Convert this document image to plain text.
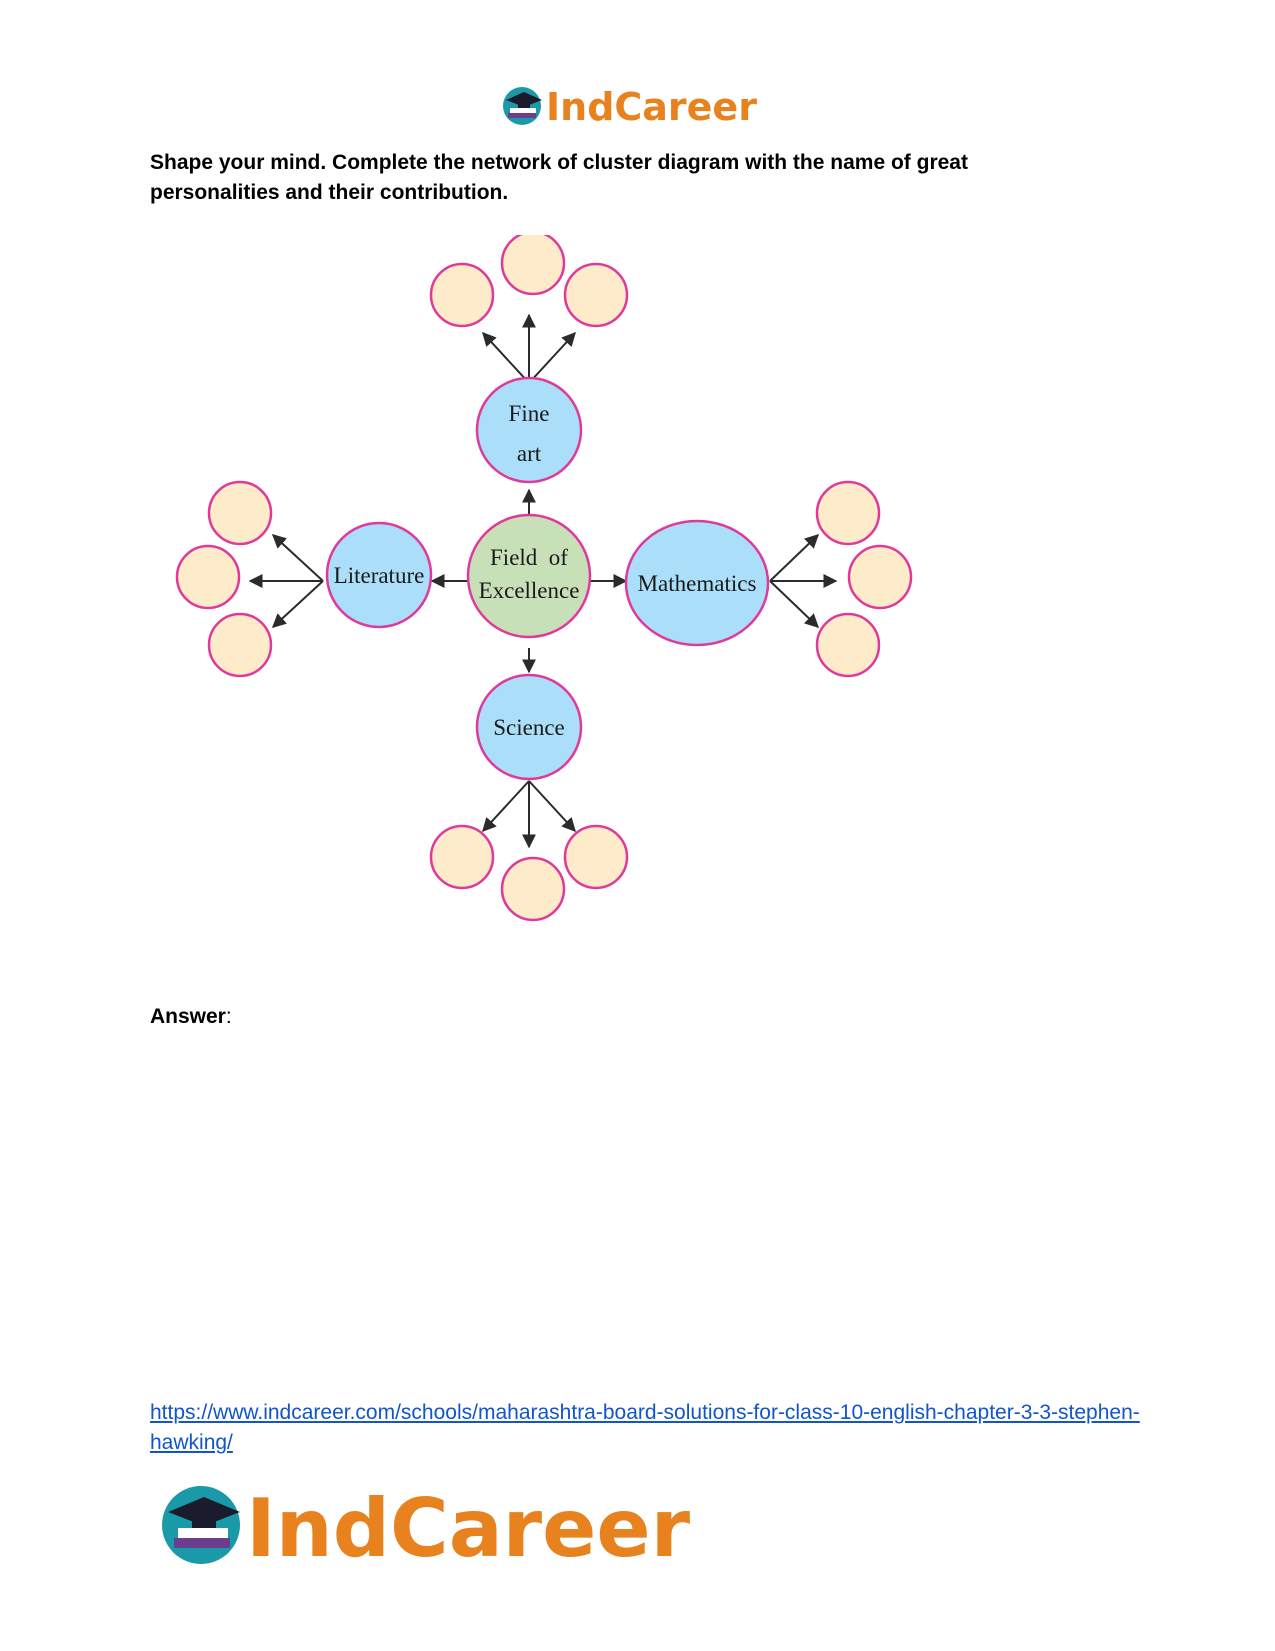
IndCareer

Shape your mind. Complete the network of cluster diagram with the name of great personalities and their contribution.

Fine
art
Literature
Field  of
Excellence	Mathematics
Science

Answer:

https://www.indcareer.com/schools/maharashtra-board-solutions-for-class-10-english-chapter-3-3-stephen-hawking/
IndCareer
